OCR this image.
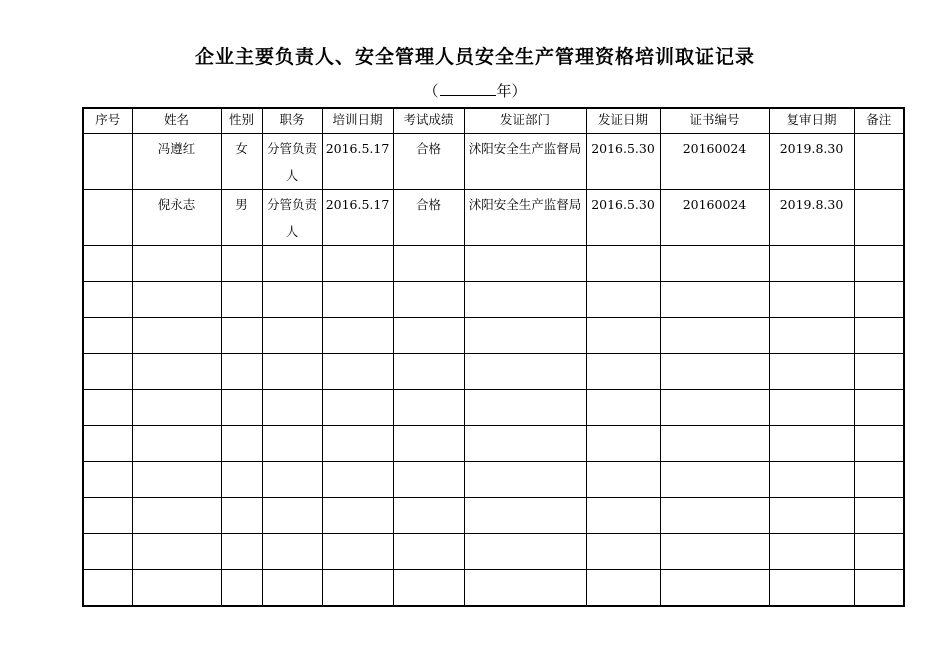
企业主要负责人、安全管理人员安全生产管理资格培训取证记录
（	年）
序号	姓名	性别	职务	培训日期	考试成绩	发证部门	发证日期	证书编号	复审日期	备注
	冯遵红	女	分管负责人	2016.5.17	合格	沭阳安全生产监督局	2016.5.30	20160024	2019.8.30	
	倪永志	男	分管负责人	2016.5.17	合格	沭阳安全生产监督局	2016.5.30	20160024	2019.8.30	
